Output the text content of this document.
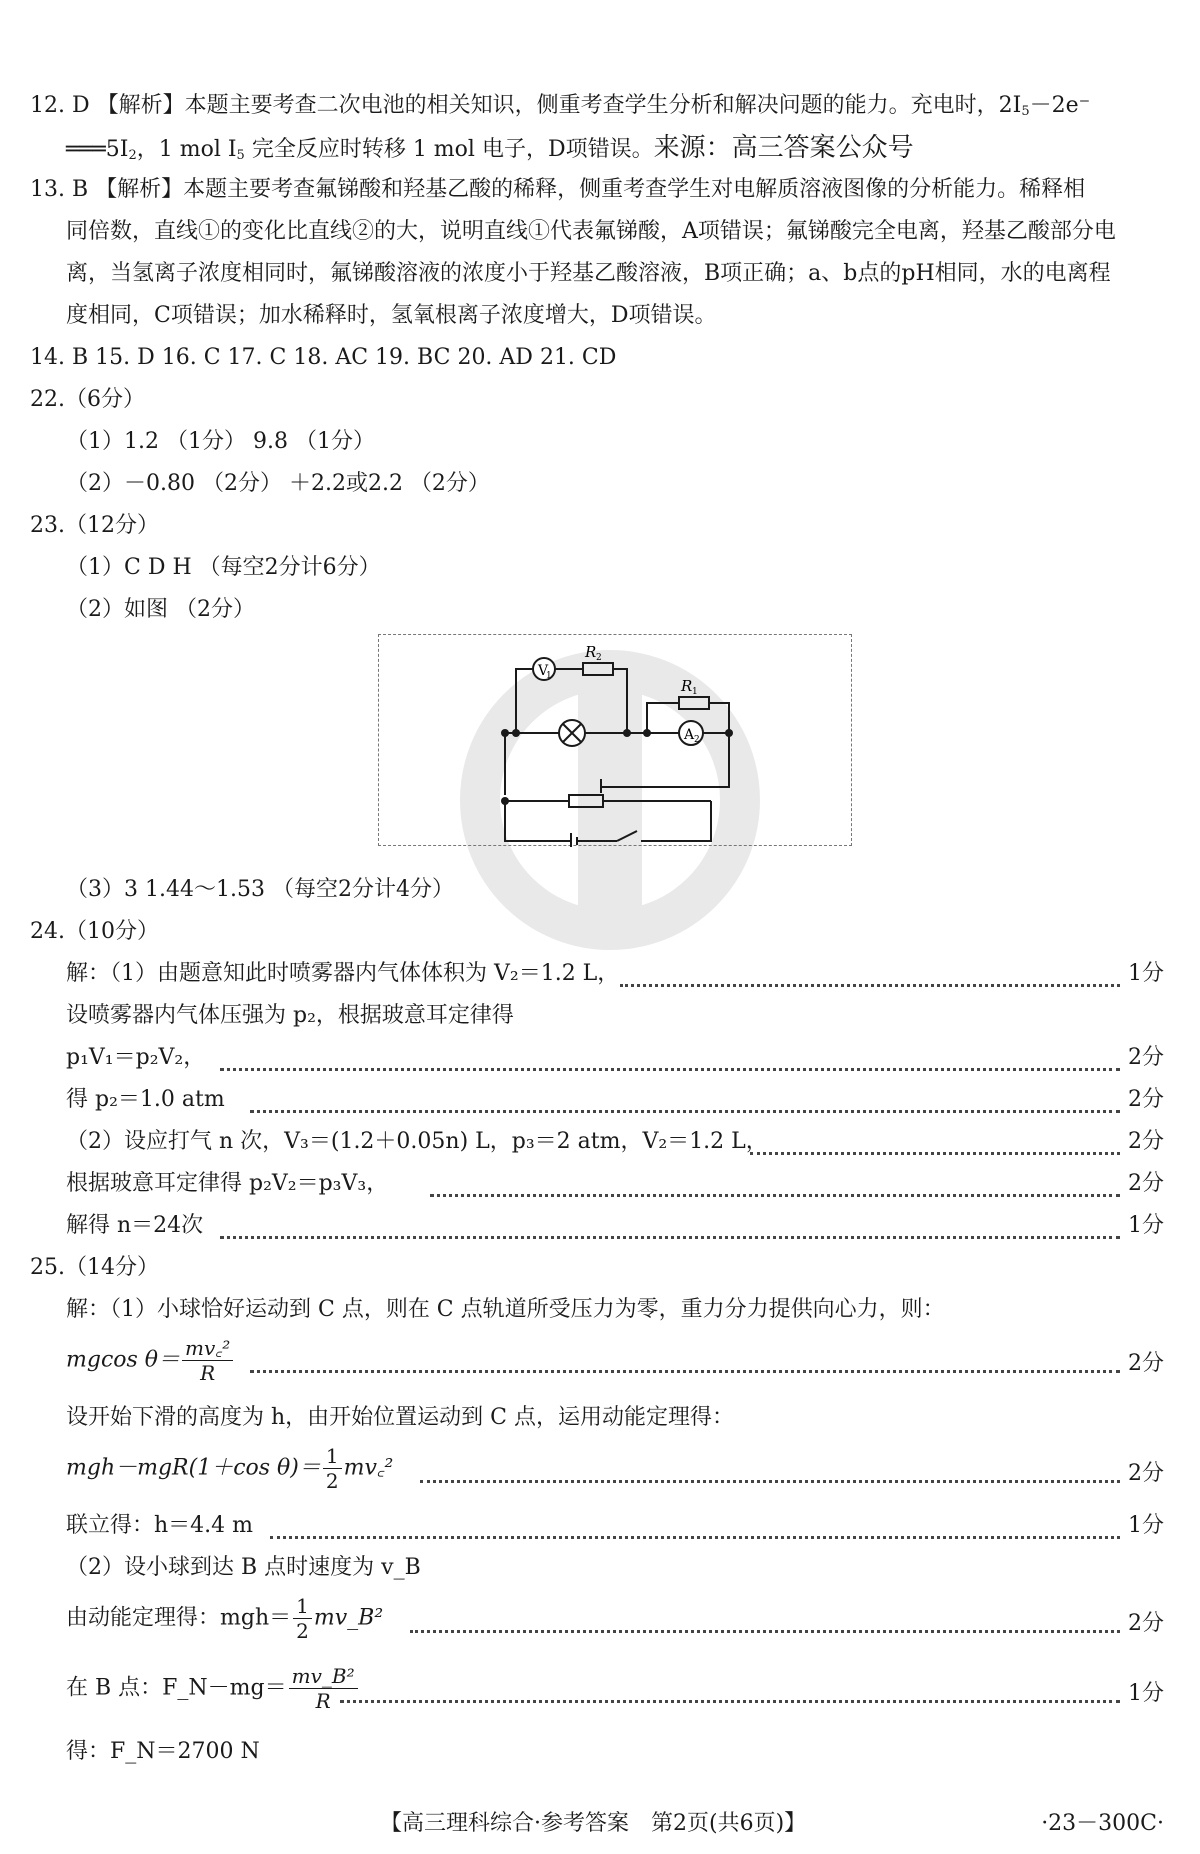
12. D 【解析】本题主要考查二次电池的相关知识，侧重考查学生分析和解决问题的能力。充电时，$2I_5-2e^-$
$═══5I_2$，1 mol $I_5$ 完全反应时转移 1 mol 电子，D项错误。来源：高三答案公众号
13. B 【解析】本题主要考查氟锑酸和羟基乙酸的稀释，侧重考查学生对电解质溶液图像的分析能力。稀释相
同倍数，直线①的变化比直线②的大，说明直线①代表氟锑酸，A项错误；氟锑酸完全电离，羟基乙酸部分电
离，当氢离子浓度相同时，氟锑酸溶液的浓度小于羟基乙酸溶液，B项正确；a、b点的pH相同，水的电离程
度相同，C项错误；加水稀释时，氢氧根离子浓度增大，D项错误。
14. B 15. D 16. C 17. C 18. AC 19. BC 20. AD 21. CD
22.（6分）
（1）1.2 （1分） 9.8 （1分）
（2）－0.80 （2分） ＋2.2或2.2 （2分）
23.（12分）
（1）C D H （每空2分计6分）
（2）如图 （2分）
V
1
A 2
R 2
R 1
（3）3 1.44～1.53 （每空2分计4分）
24.（10分）
解：（1）由题意知此时喷雾器内气体体积为 V₂＝1.2 L，	1分
设喷雾器内气体压强为 p₂，根据玻意耳定律得
p₁V₁＝p₂V₂，	2分
得 p₂＝1.0 atm	2分
（2）设应打气 n 次，V₃＝(1.2＋0.05n) L，p₃＝2 atm，V₂＝1.2 L，	2分
根据玻意耳定律得 p₂V₂＝p₃V₃，	2分
解得 n＝24次	1分
25.（14分）
解：（1）小球恰好运动到 C 点，则在 C 点轨道所受压力为零，重力分力提供向心力，则：
mgcos $\theta= \frac{\text{mv꜀²}}{R}$	2分
设开始下滑的高度为 h，由开始位置运动到 C 点，运用动能定理得：
mgh－mgR(1＋cos $\theta)= \frac{1}{2}$ mv꜀²	2分
联立得：h＝4.4 m	1分
（2）设小球到达 B 点时速度为 v_B
由动能定理得：$mgh= \frac{1}{2}$ mv_B²	2分
在 B 点：F_N－mg＝ $\frac{\text{mv\_B²}}{R}$	1分
得：F_N＝2700 N
【高三理科综合·参考答案　第2页(共6页)】	·23－300C·
